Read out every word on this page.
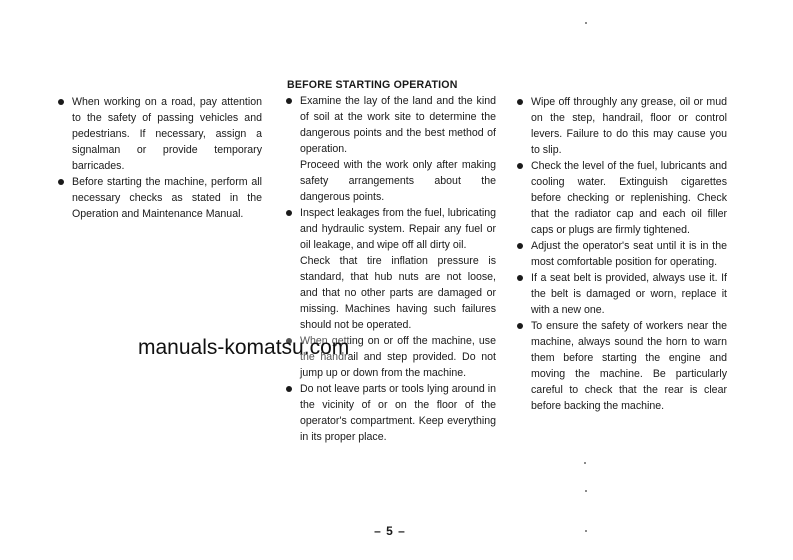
When working on a road, pay attention to the safety of passing vehicles and pedestrians. If necessary, assign a signalman or provide temporary barricades.

Before starting the machine, perform all necessary checks as stated in the Operation and Maintenance Manual.

BEFORE STARTING OPERATION

Examine the lay of the land and the kind of soil at the work site to determine the dangerous points and the best method of operation.

Proceed with the work only after making safety arrangements about the dangerous points.

Inspect leakages from the fuel, lubricating and hydraulic system. Repair any fuel or oil leakage, and wipe off all dirty oil.

Check that tire inflation pressure is standard, that hub nuts are not loose, and that no other parts are damaged or missing. Machines having such failures should not be operated.

When getting on or off the machine, use the handrail and step provided. Do not jump up or down from the machine.

Do not leave parts or tools lying around in the vicinity of or on the floor of the operator's compartment. Keep everything in its proper place.

Wipe off throughly any grease, oil or mud on the step, handrail, floor or control levers. Failure to do this may cause you to slip.

Check the level of the fuel, lubricants and cooling water. Extinguish cigarettes before checking or replenishing. Check that the radiator cap and each oil filler caps or plugs are firmly tightened.

Adjust the operator's seat until it is in the most comfortable position for operating.

If a seat belt is provided, always use it. If the belt is damaged or worn, replace it with a new one.

To ensure the safety of workers near the machine, always sound the horn to warn them before starting the engine and moving the machine. Be particularly careful to check that the rear is clear before backing the machine.

manuals-komatsu.com
– 5 –
